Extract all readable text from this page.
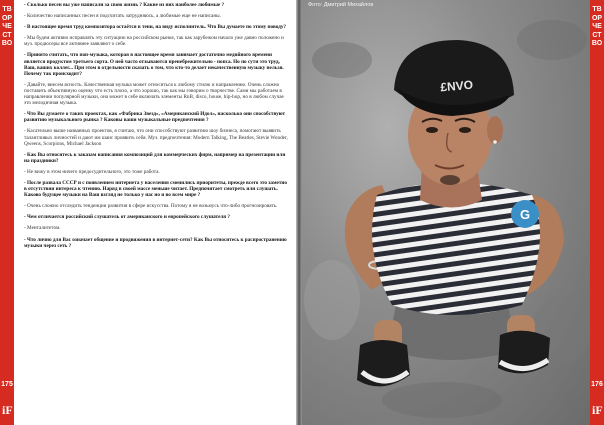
ТВОРЧЕСТВО
175
iF

- Сколько песен вы уже написали за свою жизнь ? Какие из них наиболее любимые ?

- Количество написанных песен я подсчитать затрудняюсь, а любимые еще не написаны.

- В настоящее время труд композитора остаётся в тени, на виду исполнитель. Что Вы думаете по этому поводу?

- Мы будем активно исправлять эту ситуацию на российском рынке, так как зарубежом начало уже давно положено и муз. продюсеры все активнее заявляют о себе.

- Принято считать, что поп-музыка, которая в настоящее время занимает достаточно медийного времени является продуктом третьего сорта. О ней часто отзываются пренебрежительно - попса. Но по сути это труд, Ваш, ваших коллег... При этом в отдельности сказать о том, что кто-то делает некачественную музыку нельзя. Почему так происходит?

- Давайте, внесем ясность. Качественная музыка может относиться к любому стилю и направлению. Очень сложно поставить объективную оценку что есть плохо, а что хорошо, так как мы говорим о творчестве. Сами мы работаем в направлении популярной музыки, она может в себе включать элементы RnB, disco, house, hip-hop, но в любом случае это мелодичная музыка.

- Что Вы думаете о таких проектах, как «Фабрика Звезд», «Американский Идол», насколько они способствуют развитию музыкального рынка ? Каковы ваши музыкальные предпочтения ?

- Касательно выше названных проектов, я считаю, что они способствуют развитию шоу бизнеса, помогают выявить талантливых личностей и дают им шанс проявить себя. Муз. предпочтения: Modern Talking, The Beatles, Stevie Wonder, Qweens, Scorpions, Michael Jackson

- Как Вы относитесь к заказам написания композиций для коммерческих фирм, например на презентации или на праздники?

- Не вижу в этом ничего предосудительного, это тоже работа.

- После развала СССР и с появлением интернета у населения сменились приоритеты, прежде всего это заметно в отсутствии интереса к чтению. Наряд в своей массе меньше читает. Предпочитает смотреть или слушать. Каково будущее музыки на Ваш взгляд не только у нас но и во всем мире ?

- Очень сложно отследить тенденции развития в сфере искусства. Потому я не возьмусь что-либо прогнозировать.

- Чем отличается российский слушатель от американского и европейского слушателя ?

- Менталитетом.

- Что лично для Вас означает общение и продвижения в интернет-сети? Как Вы относитесь к распространению музыки через сеть ?

G
£NVO
Фото: Дмитрий Михайлов
ТВОРЧЕСТВО
176
iF
